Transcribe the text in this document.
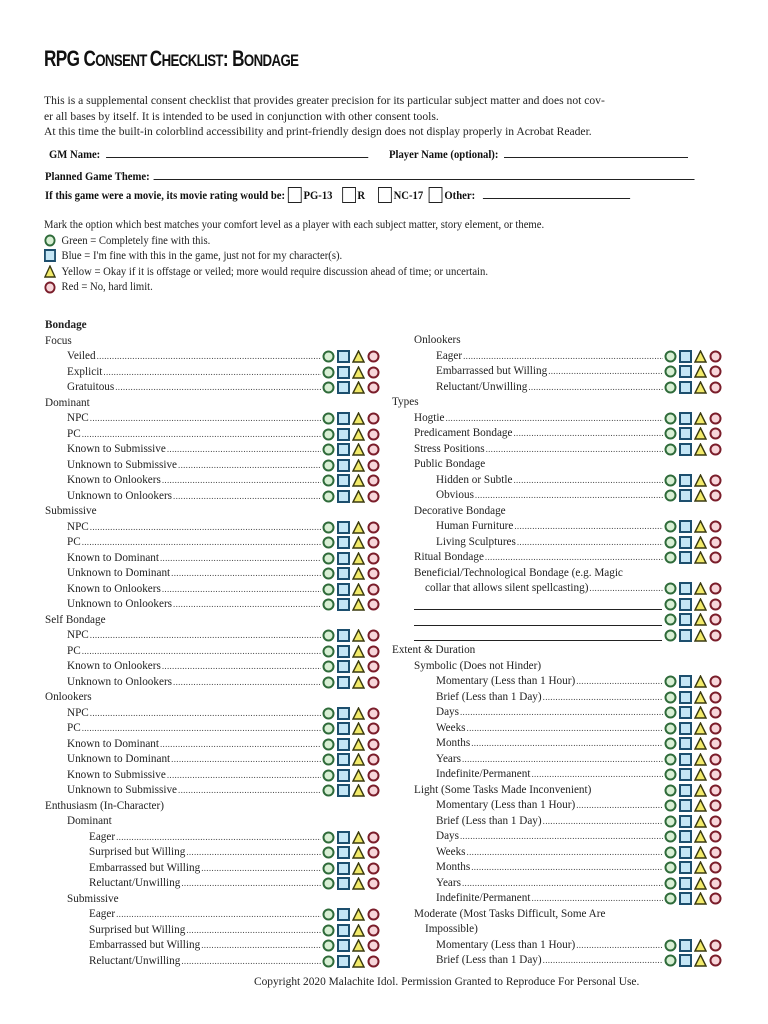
RPG CONSENT CHECKLIST: BONDAGE
This is a supplemental consent checklist that provides greater precision for its particular subject matter and does not cov-
er all bases by itself. It is intended to be used in conjunction with other consent tools.
At this time the built-in colorblind accessibility and print-friendly design does not display properly in Acrobat Reader.
GM Name:	Player Name (optional):
Planned Game Theme:
If this game were a movie, its movie rating would be: PG-13 R NC-17 Other:
Mark the option which best matches your comfort level as a player with each subject matter, story element, or theme.
Green = Completely fine with this.
Blue = I'm fine with this in the game, just not for my character(s).
Yellow = Okay if it is offstage or veiled; more would require discussion ahead of time; or uncertain.
Red = No, hard limit.
Bondage
Focus
Veiled
.....
Explicit
.....
Gratuitous
.....
Dominant
NPC
.....
PC
.....
Known to Submissive
.....
Unknown to Submissive
.....
Known to Onlookers
.....
Unknown to Onlookers
.....
Submissive
NPC
.....
PC
.....
Known to Dominant
.....
Unknown to Dominant
.....
Known to Onlookers
.....
Unknown to Onlookers
.....
Self Bondage
NPC
.....
PC
.....
Known to Onlookers
.....
Unknown to Onlookers
.....
Onlookers
NPC
.....
PC
.....
Known to Dominant
.....
Unknown to Dominant
.....
Known to Submissive
.....
Unknown to Submissive
.....
Enthusiasm (In-Character)
Dominant
Eager
.....
Surprised but Willing
.....
Embarrassed but Willing
.....
Reluctant/Unwilling
.....
Submissive
Eager
.....
Surprised but Willing
.....
Embarrassed but Willing
.....
Reluctant/Unwilling
.....
Onlookers
Eager
.....
Embarrassed but Willing
.....
Reluctant/Unwilling
.....
Types
Hogtie
.....
Predicament Bondage
.....
Stress Positions
.....
Public Bondage
Hidden or Subtle
.....
Obvious
.....
Decorative Bondage
Human Furniture
.....
Living Sculptures
.....
Ritual Bondage
.....
Beneficial/Technological Bondage (e.g. Magic
collar that allows silent spellcasting)
.....
Extent & Duration
Symbolic (Does not Hinder)
Momentary (Less than 1 Hour)
.....
Brief (Less than 1 Day)
.....
Days
.....
Weeks
.....
Months
.....
Years
.....
Indefinite/Permanent
.....
Light (Some Tasks Made Inconvenient)
Momentary (Less than 1 Hour)
.....
Brief (Less than 1 Day)
.....
Days
.....
Weeks
.....
Months
.....
Years
.....
Indefinite/Permanent
.....
Moderate (Most Tasks Difficult, Some Are
Impossible)
Momentary (Less than 1 Hour)
.....
Brief (Less than 1 Day)
.....
Copyright 2020 Malachite Idol. Permission Granted to Reproduce For Personal Use.
